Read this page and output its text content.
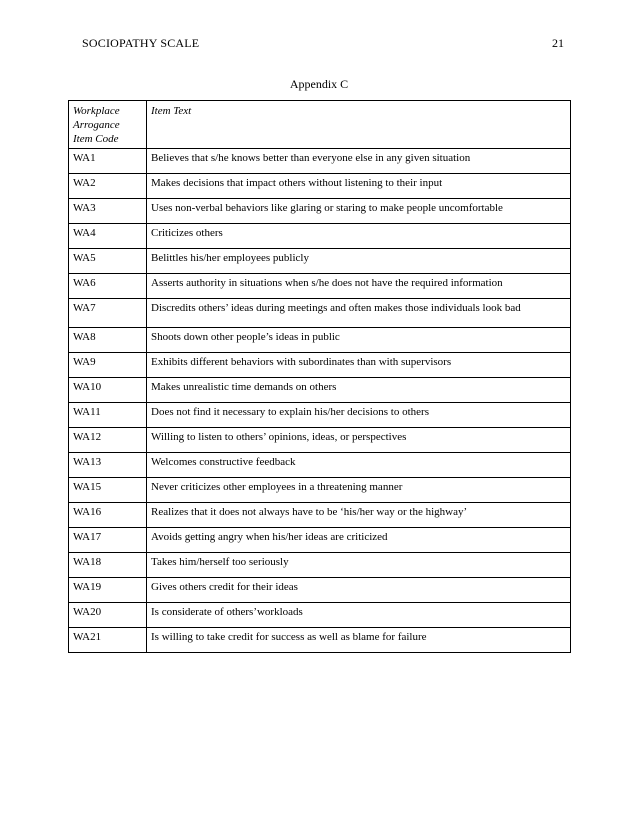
SOCIOPATHY SCALE	21
Appendix C
Workplace Arrogance Item Code	Item Text

WA1	Believes that s/he knows better than everyone else in any given situation

WA2	Makes decisions that impact others without listening to their input

WA3	Uses non-verbal behaviors like glaring or staring to make people uncomfortable

WA4	Criticizes others

WA5	Belittles his/her employees publicly

WA6	Asserts authority in situations when s/he does not have the required information

WA7	Discredits others’ ideas during meetings and often makes those individuals look bad

WA8	Shoots down other people’s ideas in public

WA9	Exhibits different behaviors with subordinates than with supervisors

WA10	Makes unrealistic time demands on others

WA11	Does not find it necessary to explain his/her decisions to others

WA12	Willing to listen to others’ opinions, ideas, or perspectives

WA13	Welcomes constructive feedback

WA15	Never criticizes other employees in a threatening manner

WA16	Realizes that it does not always have to be ‘his/her way or the highway’

WA17	Avoids getting angry when his/her ideas are criticized

WA18	Takes him/herself too seriously

WA19	Gives others credit for their ideas

WA20	Is considerate of others’workloads

WA21	Is willing to take credit for success as well as blame for failure
